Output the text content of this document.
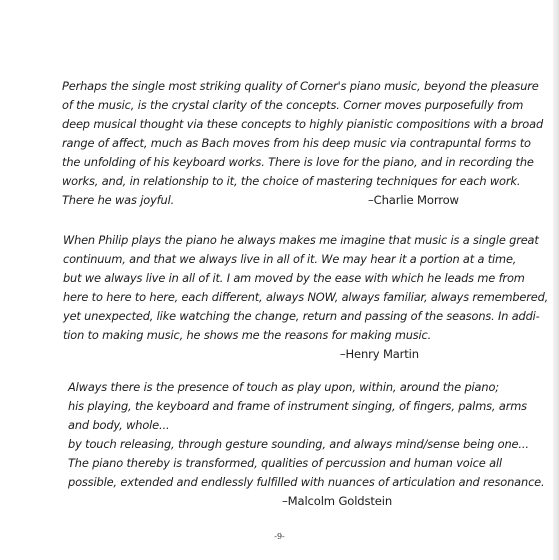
Perhaps the single most striking quality of Corner's piano music, beyond the pleasure
of the music, is the crystal clarity of the concepts. Corner moves purposefully from
deep musical thought via these concepts to highly pianistic compositions with a broad
range of affect, much as Bach moves from his deep music via contrapuntal forms to
the unfolding of his keyboard works. There is love for the piano, and in recording the
works, and, in relationship to it, the choice of mastering techniques for each work.
There he was joyful.	–Charlie Morrow
When Philip plays the piano he always makes me imagine that music is a single great
continuum, and that we always live in all of it. We may hear it a portion at a time,
but we always live in all of it. I am moved by the ease with which he leads me from
here to here to here, each different, always NOW, always familiar, always remembered,
yet unexpected, like watching the change, return and passing of the seasons. In addi-
tion to making music, he shows me the reasons for making music.
–Henry Martin
Always there is the presence of touch as play upon, within, around the piano;
his playing, the keyboard and frame of instrument singing, of fingers, palms, arms
and body, whole...
by touch releasing, through gesture sounding, and always mind/sense being one...
The piano thereby is transformed, qualities of percussion and human voice all
possible, extended and endlessly fulfilled with nuances of articulation and resonance.
–Malcolm Goldstein
-9-
